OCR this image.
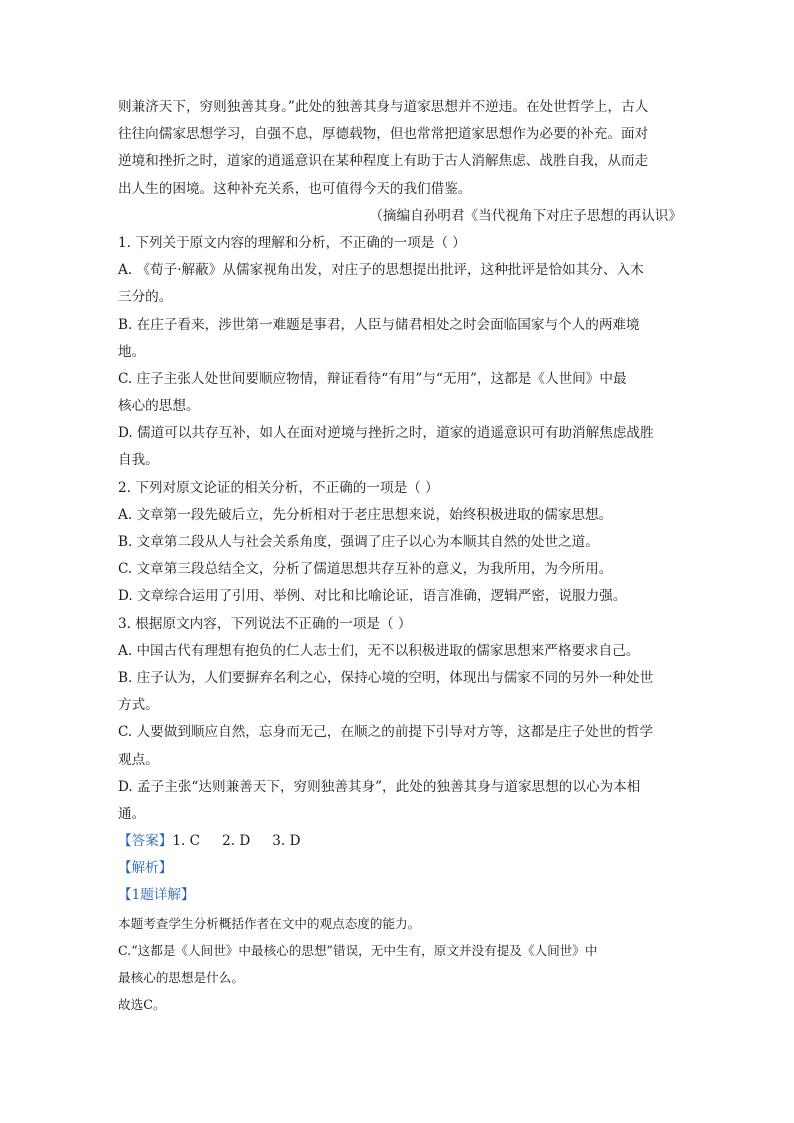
则兼济天下，穷则独善其身。”此处的独善其身与道家思想并不逆违。在处世哲学上，古人
往往向儒家思想学习，自强不息，厚德载物，但也常常把道家思想作为必要的补充。面对
逆境和挫折之时，道家的逍遥意识在某种程度上有助于古人消解焦虑、战胜自我，从而走
出人生的困境。这种补充关系，也可值得今天的我们借鉴。
（摘编自孙明君《当代视角下对庄子思想的再认识》
1. 下列关于原文内容的理解和分析，不正确的一项是（ ）
A. 《荀子·解蔽》从儒家视角出发，对庄子的思想提出批评，这种批评是恰如其分、入木
三分的。
B. 在庄子看来，涉世第一难题是事君，人臣与储君相处之时会面临国家与个人的两难境
地。
C. 庄子主张人处世间要顺应物情，辩证看待“有用”与“无用”，这都是《人世间》中最
核心的思想。
D. 儒道可以共存互补，如人在面对逆境与挫折之时，道家的逍遥意识可有助消解焦虑战胜
自我。
2. 下列对原文论证的相关分析，不正确的一项是（ ）
A. 文章第一段先破后立，先分析相对于老庄思想来说，始终积极进取的儒家思想。
B. 文章第二段从人与社会关系角度，强调了庄子以心为本顺其自然的处世之道。
C. 文章第三段总结全文，分析了儒道思想共存互补的意义，为我所用，为今所用。
D. 文章综合运用了引用、举例、对比和比喻论证，语言准确，逻辑严密，说服力强。
3. 根据原文内容，下列说法不正确的一项是（ ）
A. 中国古代有理想有抱负的仁人志士们，无不以积极进取的儒家思想来严格要求自己。
B. 庄子认为，人们要摒弃名利之心，保持心境的空明，体现出与儒家不同的另外一种处世
方式。
C. 人要做到顺应自然，忘身而无己，在顺之的前提下引导对方等，这都是庄子处世的哲学
观点。
D. 孟子主张“达则兼善天下，穷则独善其身”，此处的独善其身与道家思想的以心为本相
通。
【答案】1. C 2. D 3. D
【解析】
【1题详解】
本题考查学生分析概括作者在文中的观点态度的能力。
C.“这都是《人间世》中最核心的思想”错误，无中生有，原文并没有提及《人间世》中
最核心的思想是什么。
故选C。
